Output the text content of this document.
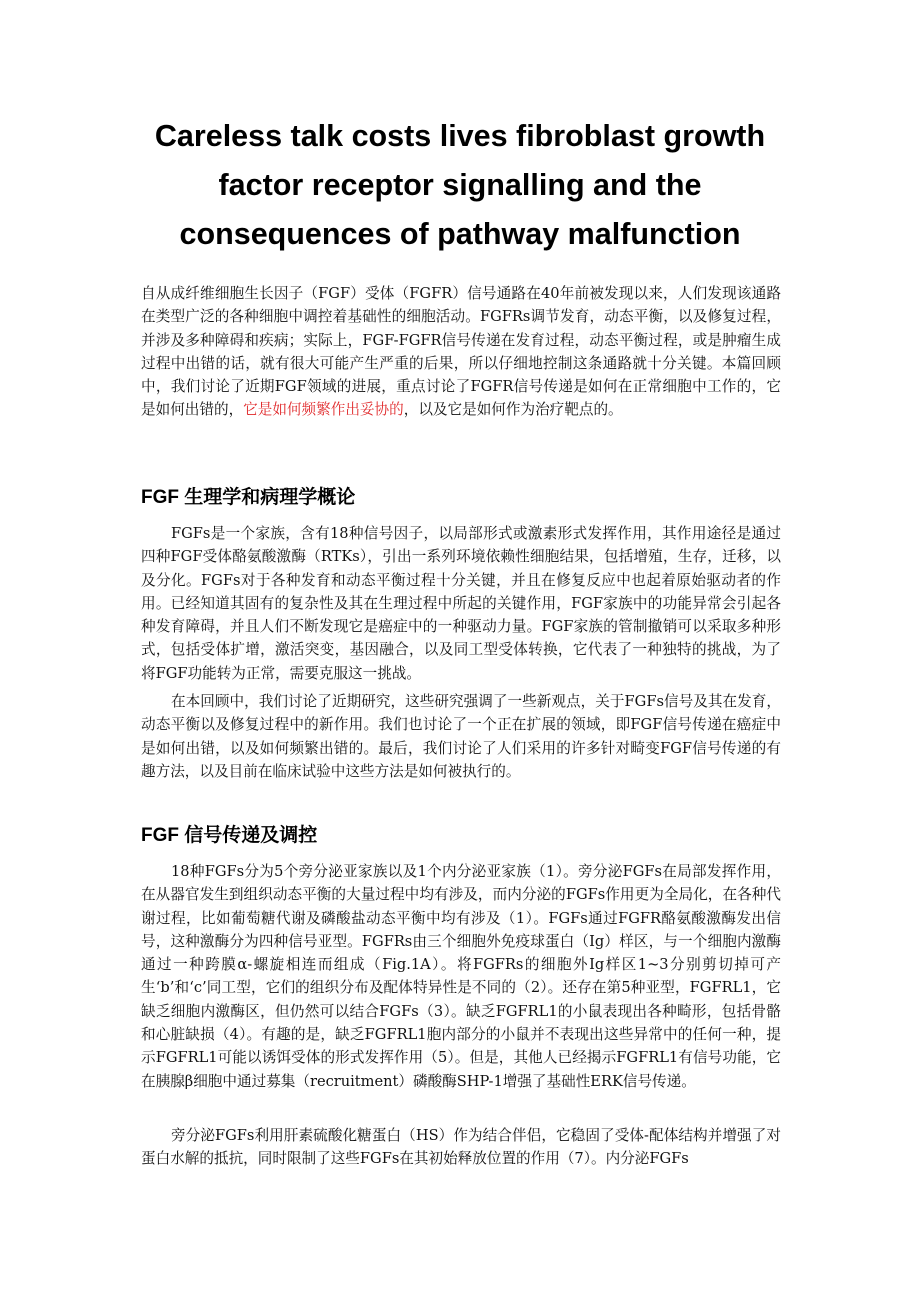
Careless talk costs lives fibroblast growth
factor receptor signalling and the
consequences of pathway malfunction
自从成纤维细胞生长因子（FGF）受体（FGFR）信号通路在40年前被发现以来，人们发现该通路在类型广泛的各种细胞中调控着基础性的细胞活动。FGFRs调节发育，动态平衡，以及修复过程，并涉及多种障碍和疾病；实际上，FGF-FGFR信号传递在发育过程，动态平衡过程，或是肿瘤生成过程中出错的话，就有很大可能产生严重的后果，所以仔细地控制这条通路就十分关键。本篇回顾中，我们讨论了近期FGF领域的进展，重点讨论了FGFR信号传递是如何在正常细胞中工作的，它是如何出错的，它是如何频繁作出妥协的，以及它是如何作为治疗靶点的。
FGF 生理学和病理学概论
FGFs是一个家族，含有18种信号因子，以局部形式或激素形式发挥作用，其作用途径是通过四种FGF受体酪氨酸激酶（RTKs），引出一系列环境依赖性细胞结果，包括增殖，生存，迁移，以及分化。FGFs对于各种发育和动态平衡过程十分关键，并且在修复反应中也起着原始驱动者的作用。已经知道其固有的复杂性及其在生理过程中所起的关键作用，FGF家族中的功能异常会引起各种发育障碍，并且人们不断发现它是癌症中的一种驱动力量。FGF家族的管制撤销可以采取多种形式，包括受体扩增，激活突变，基因融合，以及同工型受体转换，它代表了一种独特的挑战，为了将FGF功能转为正常，需要克服这一挑战。
在本回顾中，我们讨论了近期研究，这些研究强调了一些新观点，关于FGFs信号及其在发育，动态平衡以及修复过程中的新作用。我们也讨论了一个正在扩展的领域，即FGF信号传递在癌症中是如何出错，以及如何频繁出错的。最后，我们讨论了人们采用的许多针对畸变FGF信号传递的有趣方法，以及目前在临床试验中这些方法是如何被执行的。
FGF 信号传递及调控
18种FGFs分为5个旁分泌亚家族以及1个内分泌亚家族（1）。旁分泌FGFs在局部发挥作用，在从器官发生到组织动态平衡的大量过程中均有涉及，而内分泌的FGFs作用更为全局化，在各种代谢过程，比如葡萄糖代谢及磷酸盐动态平衡中均有涉及（1）。FGFs通过FGFR酪氨酸激酶发出信号，这种激酶分为四种信号亚型。FGFRs由三个细胞外免疫球蛋白（Ig）样区，与一个细胞内激酶通过一种跨膜α-螺旋相连而组成（Fig.1A）。将FGFRs的细胞外Ig样区1~3分别剪切掉可产生‘b’和‘c’同工型，它们的组织分布及配体特异性是不同的（2）。还存在第5种亚型，FGFRL1，它缺乏细胞内激酶区，但仍然可以结合FGFs（3）。缺乏FGFRL1的小鼠表现出各种畸形，包括骨骼和心脏缺损（4）。有趣的是，缺乏FGFRL1胞内部分的小鼠并不表现出这些异常中的任何一种，提示FGFRL1可能以诱饵受体的形式发挥作用（5）。但是，其他人已经揭示FGFRL1有信号功能，它在胰腺β细胞中通过募集（recruitment）磷酸酶SHP-1增强了基础性ERK信号传递。
旁分泌FGFs利用肝素硫酸化糖蛋白（HS）作为结合伴侣，它稳固了受体-配体结构并增强了对蛋白水解的抵抗，同时限制了这些FGFs在其初始释放位置的作用（7）。内分泌FGFs
